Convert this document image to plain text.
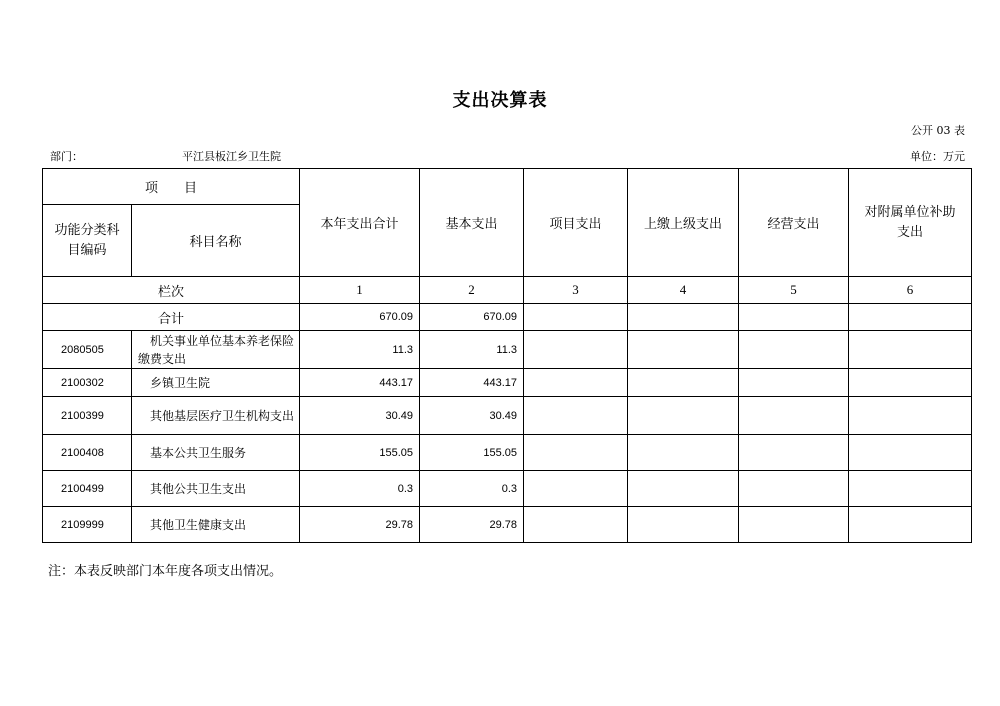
支出决算表
公开 03 表
部门：	平江县板江乡卫生院	单位：万元
项　　目		本年支出合计	基本支出	项目支出	上缴上级支出	经营支出	对附属单位补助支出
功能分类科目编码	科目名称						
栏次		1	2	3	4	5	6
合计		670.09	670.09				
2080505	机关事业单位基本养老保险缴费支出	11.3	11.3				
2100302	乡镇卫生院	443.17	443.17				
2100399	其他基层医疗卫生机构支出	30.49	30.49				
2100408	基本公共卫生服务	155.05	155.05				
2100499	其他公共卫生支出	0.3	0.3				
2109999	其他卫生健康支出	29.78	29.78				
注：本表反映部门本年度各项支出情况。
